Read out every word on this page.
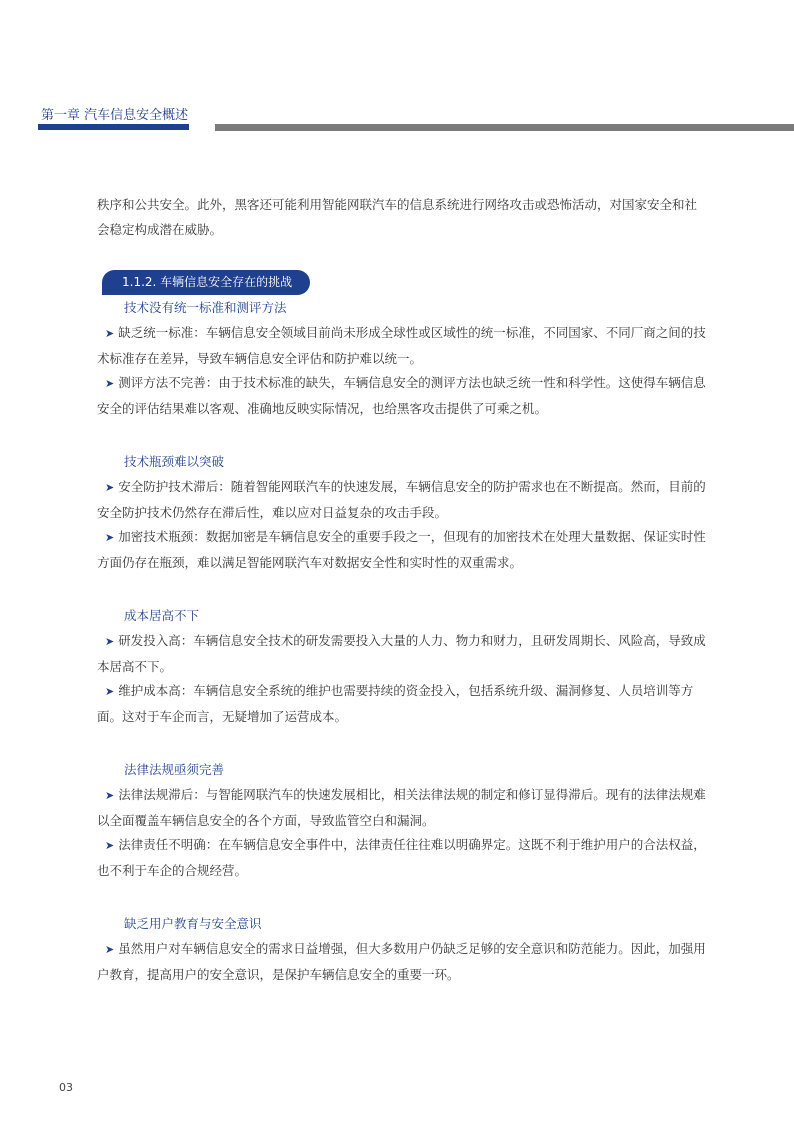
第一章 汽车信息安全概述

秩序和公共安全。此外，黑客还可能利用智能网联汽车的信息系统进行网络攻击或恐怖活动，对国家安全和社会稳定构成潜在威胁。

1.1.2. 车辆信息安全存在的挑战

技术没有统一标准和测评方法

➤ 缺乏统一标准：车辆信息安全领域目前尚未形成全球性或区域性的统一标准，不同国家、不同厂商之间的技术标准存在差异，导致车辆信息安全评估和防护难以统一。

➤ 测评方法不完善：由于技术标准的缺失，车辆信息安全的测评方法也缺乏统一性和科学性。这使得车辆信息安全的评估结果难以客观、准确地反映实际情况，也给黑客攻击提供了可乘之机。

技术瓶颈难以突破

➤ 安全防护技术滞后：随着智能网联汽车的快速发展，车辆信息安全的防护需求也在不断提高。然而，目前的安全防护技术仍然存在滞后性，难以应对日益复杂的攻击手段。

➤ 加密技术瓶颈：数据加密是车辆信息安全的重要手段之一，但现有的加密技术在处理大量数据、保证实时性方面仍存在瓶颈，难以满足智能网联汽车对数据安全性和实时性的双重需求。

成本居高不下

➤ 研发投入高：车辆信息安全技术的研发需要投入大量的人力、物力和财力，且研发周期长、风险高，导致成本居高不下。

➤ 维护成本高：车辆信息安全系统的维护也需要持续的资金投入，包括系统升级、漏洞修复、人员培训等方面。这对于车企而言，无疑增加了运营成本。

法律法规亟须完善

➤ 法律法规滞后：与智能网联汽车的快速发展相比，相关法律法规的制定和修订显得滞后。现有的法律法规难以全面覆盖车辆信息安全的各个方面，导致监管空白和漏洞。

➤ 法律责任不明确：在车辆信息安全事件中，法律责任往往难以明确界定。这既不利于维护用户的合法权益，也不利于车企的合规经营。

缺乏用户教育与安全意识

➤ 虽然用户对车辆信息安全的需求日益增强，但大多数用户仍缺乏足够的安全意识和防范能力。因此，加强用户教育，提高用户的安全意识，是保护车辆信息安全的重要一环。

03
